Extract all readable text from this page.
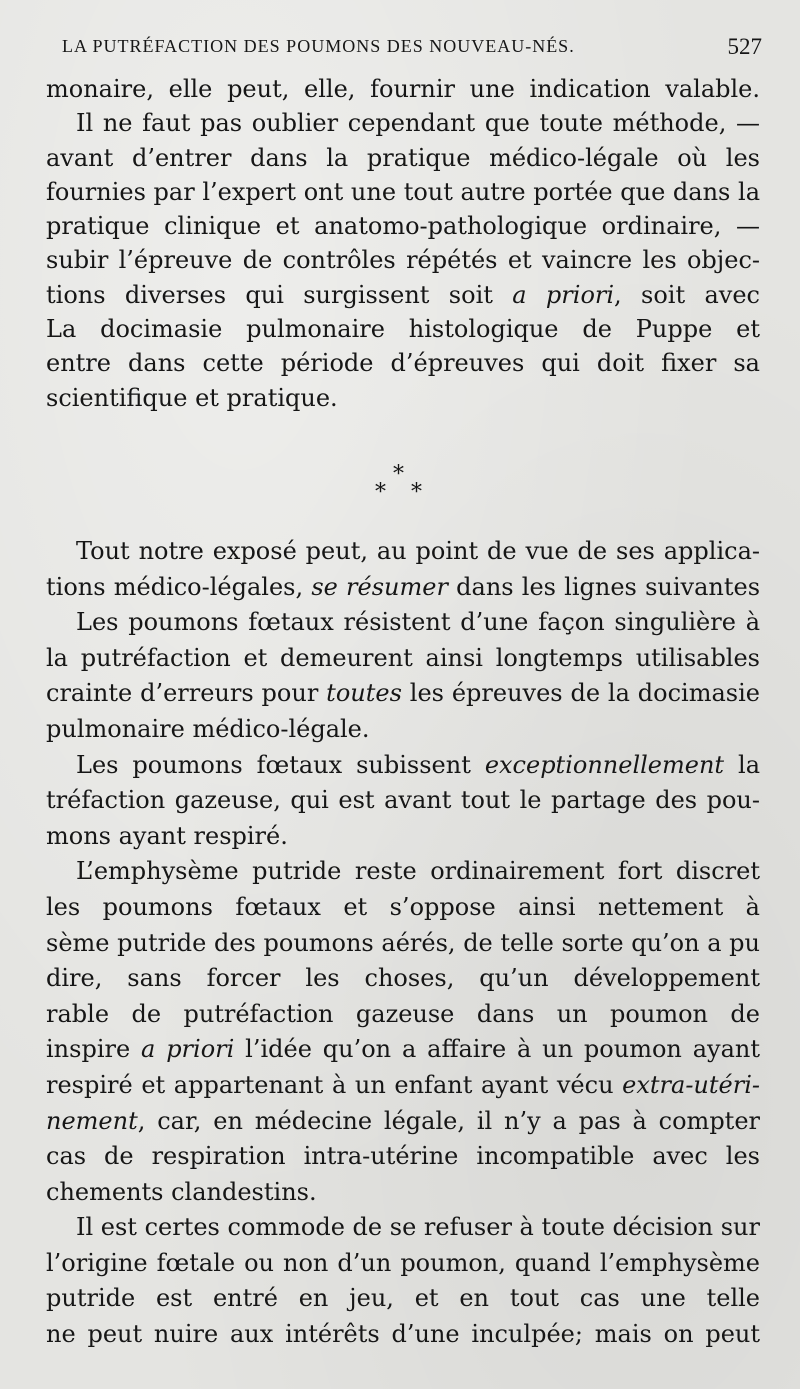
LA PUTRÉFACTION DES POUMONS DES NOUVEAU-NÉS.	527
monaire, elle peut, elle, fournir une indication valable.
Il ne faut pas oublier cependant que toute méthode, —
avant d’entrer dans la pratique médico-légale où les
fournies par l’expert ont une tout autre portée que dans la
pratique clinique et anatomo-pathologique ordinaire, —
subir l’épreuve de contrôles répétés et vaincre les objec-
tions diverses qui surgissent soit a priori, soit avec
La docimasie pulmonaire histologique de Puppe et
entre dans cette période d’épreuves qui doit fixer sa
scientifique et pratique.
*
* *
Tout notre exposé peut, au point de vue de ses applica-
tions médico-légales, se résumer dans les lignes suivantes
Les poumons fœtaux résistent d’une façon singulière à
la putréfaction et demeurent ainsi longtemps utilisables
crainte d’erreurs pour toutes les épreuves de la docimasie
pulmonaire médico-légale.
Les poumons fœtaux subissent exceptionnellement la
tréfaction gazeuse, qui est avant tout le partage des pou-
mons ayant respiré.
L’emphysème putride reste ordinairement fort discret
les poumons fœtaux et s’oppose ainsi nettement à
sème putride des poumons aérés, de telle sorte qu’on a pu
dire, sans forcer les choses, qu’un développement
rable de putréfaction gazeuse dans un poumon de
inspire a priori l’idée qu’on a affaire à un poumon ayant
respiré et appartenant à un enfant ayant vécu extra-utéri-
nement, car, en médecine légale, il n’y a pas à compter
cas de respiration intra-utérine incompatible avec les
chements clandestins.
Il est certes commode de se refuser à toute décision sur
l’origine fœtale ou non d’un poumon, quand l’emphysème
putride est entré en jeu, et en tout cas une telle
ne peut nuire aux intérêts d’une inculpée; mais on peut
